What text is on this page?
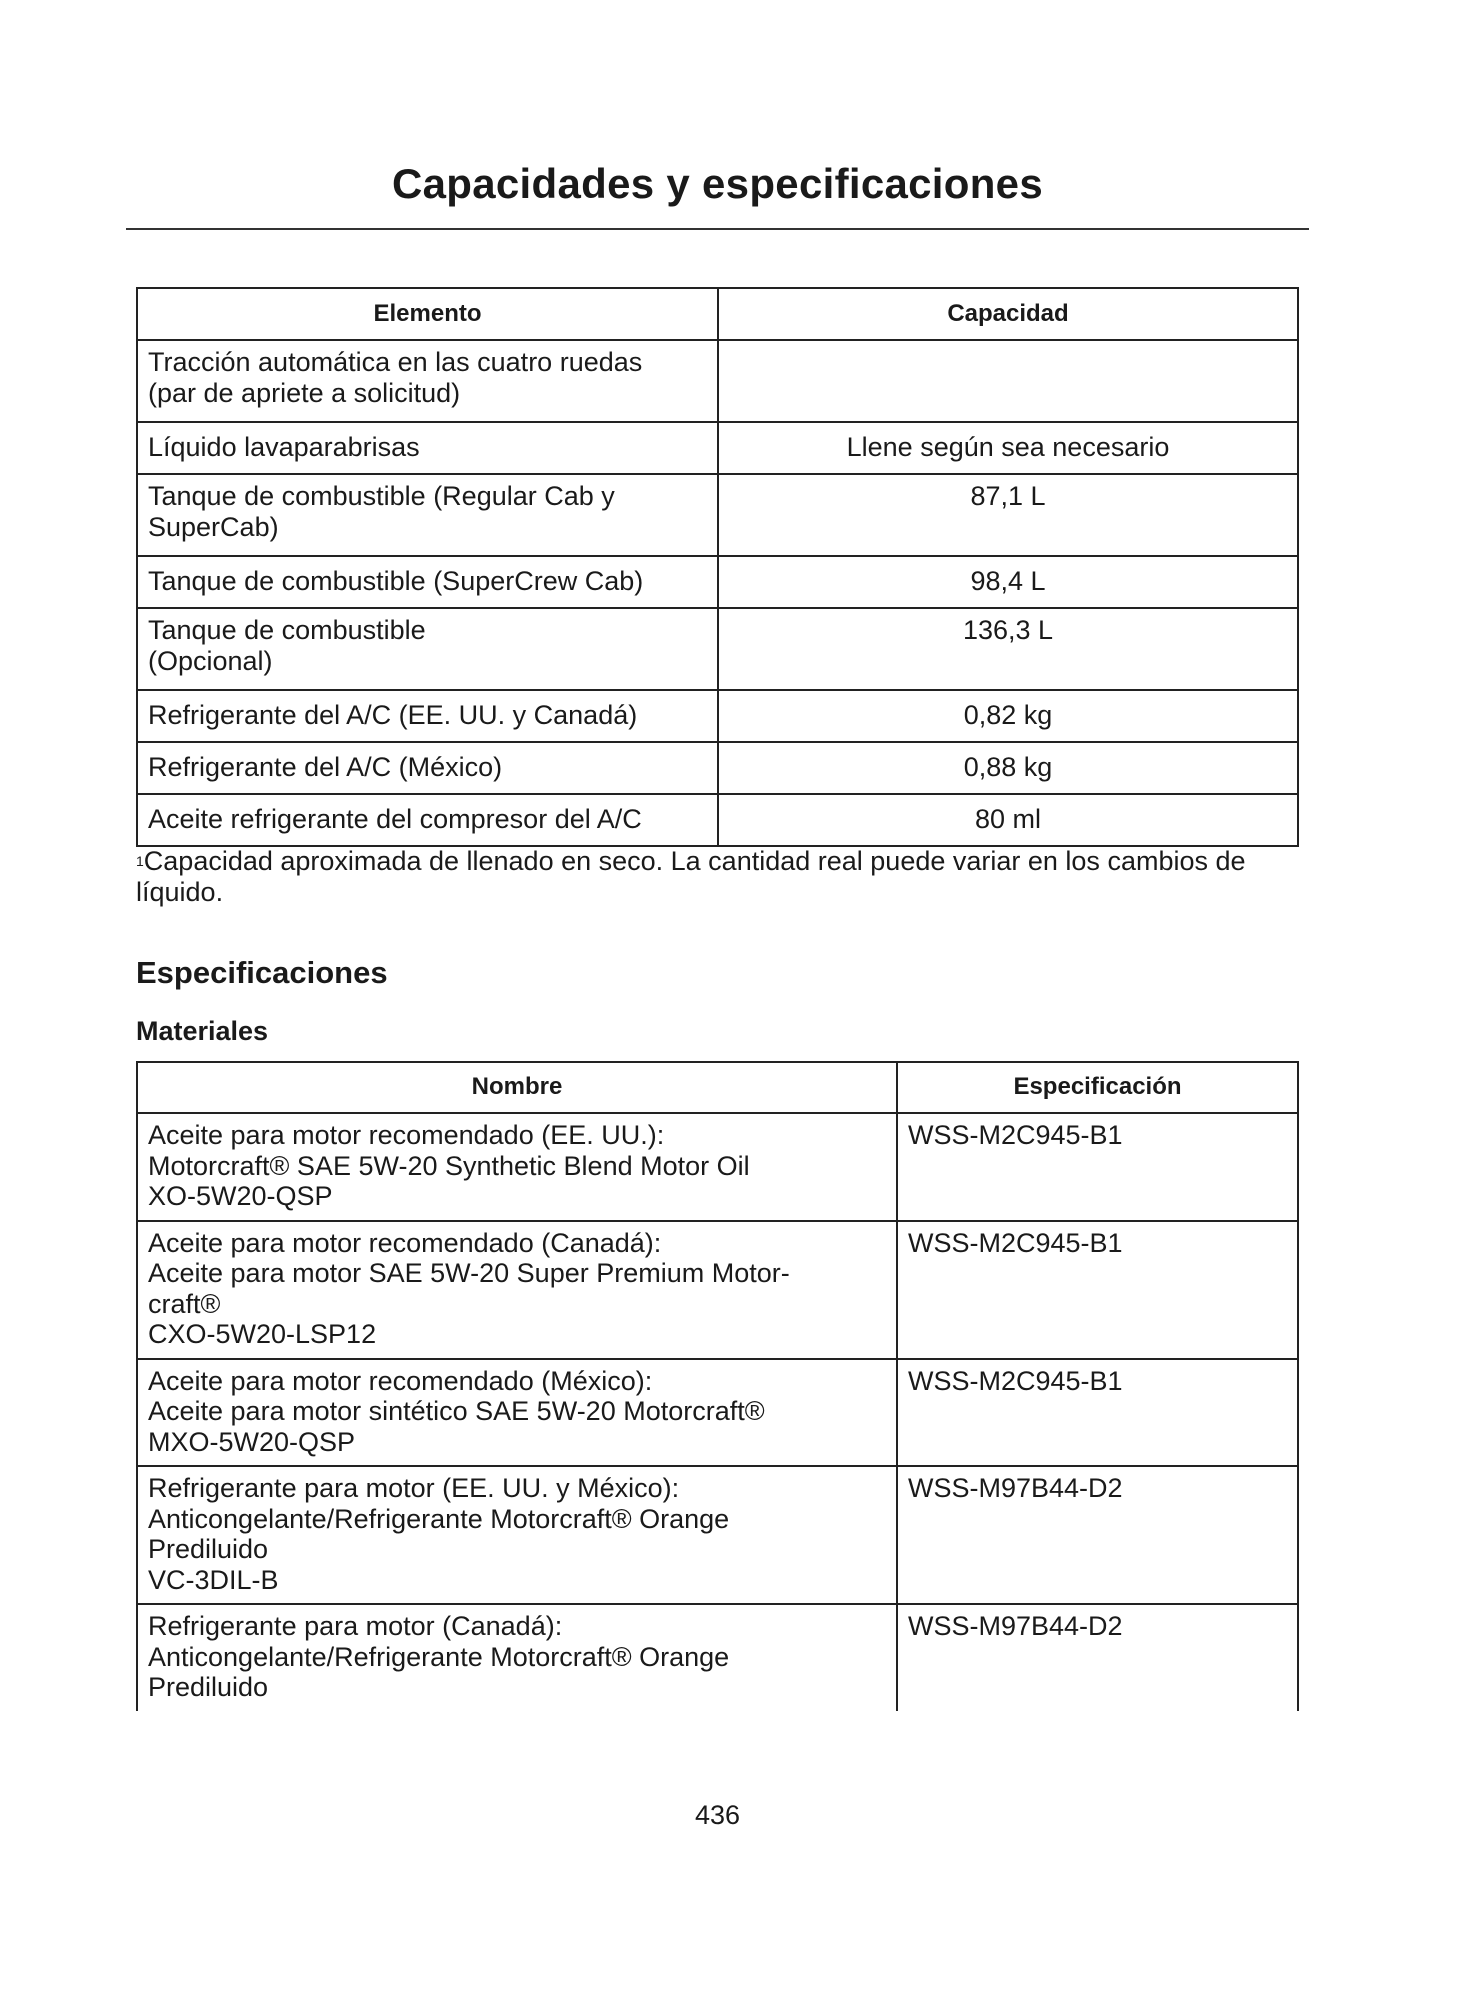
Capacidades y especificaciones
Elemento	Capacidad

Tracción automática en las cuatro ruedas
(par de apriete a solicitud)	

Líquido lavaparabrisas	Llene según sea necesario

Tanque de combustible (Regular Cab y
SuperCab)	87,1 L

Tanque de combustible (SuperCrew Cab)	98,4 L

Tanque de combustible
(Opcional)	136,3 L

Refrigerante del A/C (EE. UU. y Canadá)	0,82 kg

Refrigerante del A/C (México)	0,88 kg

Aceite refrigerante del compresor del A/C	80 ml
$^1$Capacidad aproximada de llenado en seco. La cantidad real puede variar en los cambios de líquido.
Especificaciones
Materiales
Nombre	Especificación

Aceite para motor recomendado (EE. UU.):
Motorcraft® SAE 5W-20 Synthetic Blend Motor Oil
XO-5W20-QSP	WSS-M2C945-B1

Aceite para motor recomendado (Canadá):
Aceite para motor SAE 5W-20 Super Premium Motor-
craft®
CXO-5W20-LSP12	WSS-M2C945-B1

Aceite para motor recomendado (México):
Aceite para motor sintético SAE 5W-20 Motorcraft®
MXO-5W20-QSP	WSS-M2C945-B1

Refrigerante para motor (EE. UU. y México):
Anticongelante/Refrigerante Motorcraft® Orange
Prediluido
VC-3DIL-B	WSS-M97B44-D2

Refrigerante para motor (Canadá):
Anticongelante/Refrigerante Motorcraft® Orange
Prediluido	WSS-M97B44-D2
436
